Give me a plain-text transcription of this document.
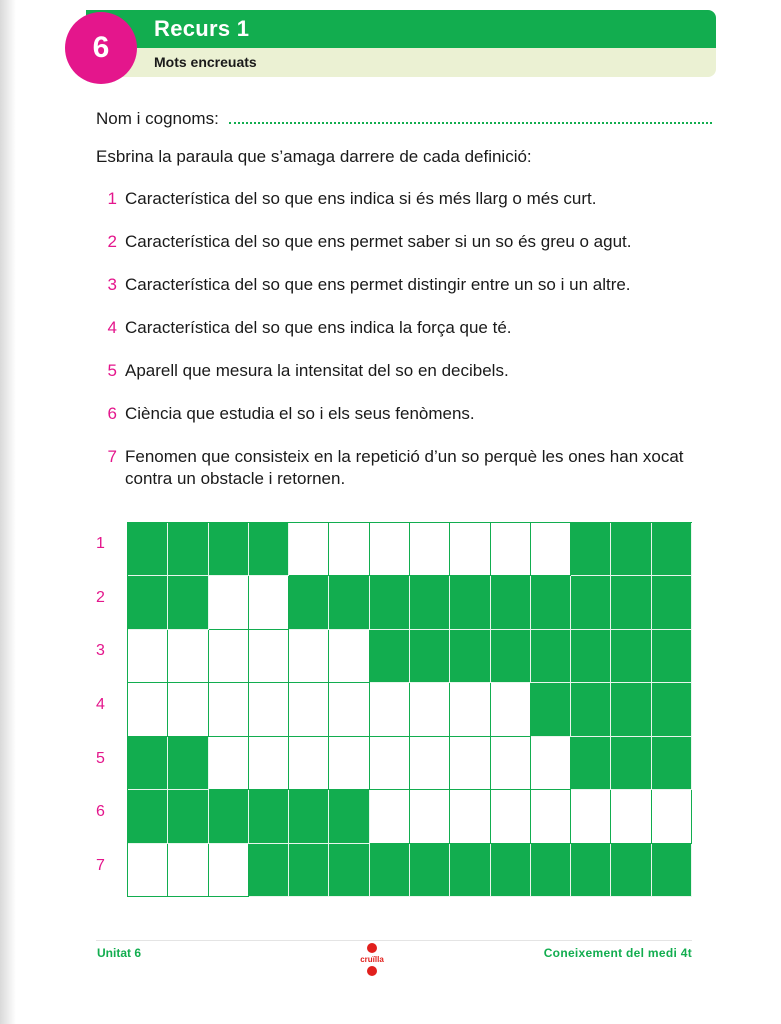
6
Recurs 1
Mots encreuats
Nom i cognoms:
Esbrina la paraula que s’amaga darrere de cada definició:
1 Característica del so que ens indica si és més llarg o més curt.
2 Característica del so que ens permet saber si un so és greu o agut.
3 Característica del so que ens permet distingir entre un so i un altre.
4 Característica del so que ens indica la força que té.
5 Aparell que mesura la intensitat del so en decibels.
6 Ciència que estudia el so i els seus fenòmens.
7 Fenomen que consisteix en la repetició d’un so perquè les ones han xocat contra un obstacle i retornen.
1
2
3
4
5
6
7
Unitat 6	cruïlla	Coneixement del medi 4t
